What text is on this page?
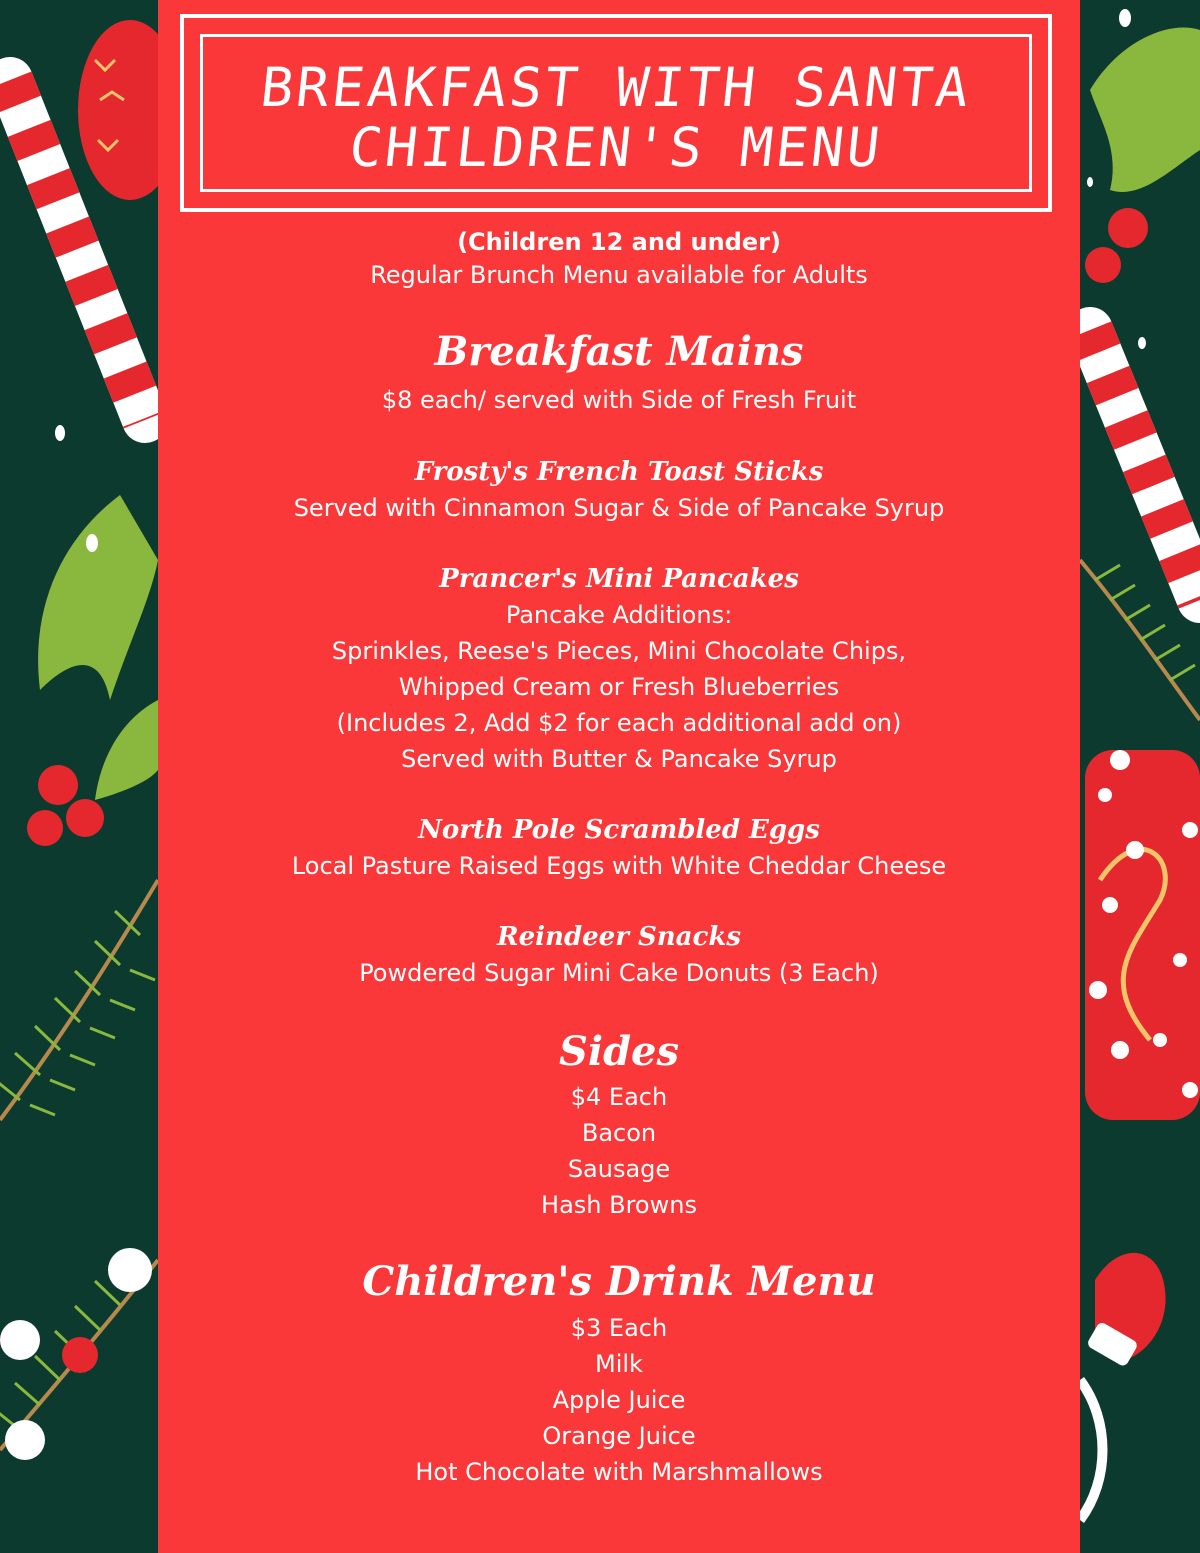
BREAKFAST WITH SANTA
CHILDREN'S MENU
(Children 12 and under)
Regular Brunch Menu available for Adults
Breakfast Mains
$8 each/ served with Side of Fresh Fruit
Frosty's French Toast Sticks
Served with Cinnamon Sugar & Side of Pancake Syrup
Prancer's Mini Pancakes
Pancake Additions:
Sprinkles, Reese's Pieces, Mini Chocolate Chips,
Whipped Cream or Fresh Blueberries
(Includes 2, Add $2 for each additional add on)
Served with Butter & Pancake Syrup
North Pole Scrambled Eggs
Local Pasture Raised Eggs with White Cheddar Cheese
Reindeer Snacks
Powdered Sugar Mini Cake Donuts (3 Each)
Sides
$4 Each
Bacon
Sausage
Hash Browns
Children's Drink Menu
$3 Each
Milk
Apple Juice
Orange Juice
Hot Chocolate with Marshmallows
